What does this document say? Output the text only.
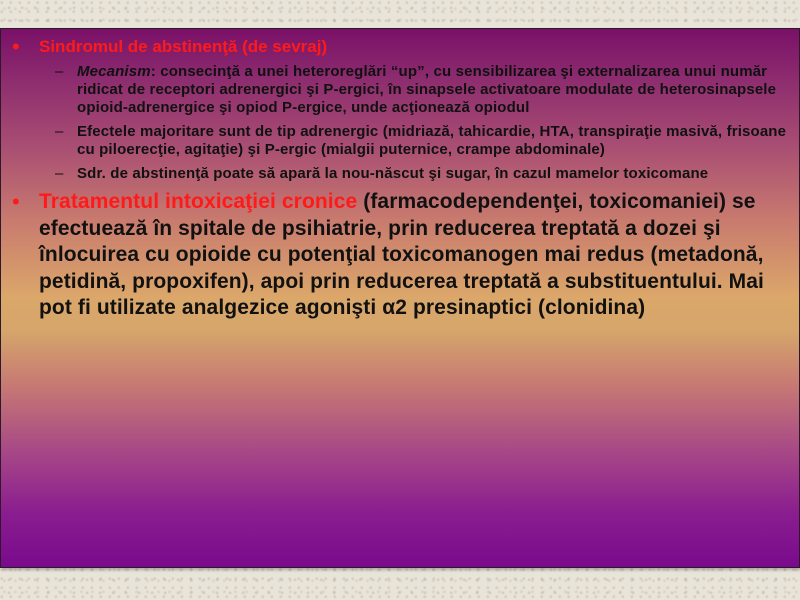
•	Sindromul de abstinenţă (de sevraj)
– Mecanism: consecinţă a unei heteroreglări “up”, cu sensibilizarea şi externalizarea unui număr ridicat de receptori adrenergici şi P-ergici, în sinapsele activatoare modulate de heterosinapsele opioid-adrenergice şi opiod P-ergice, unde acţionează opiodul
– Efectele majoritare sunt de tip adrenergic (midriază, tahicardie, HTA, transpiraţie masivă, frisoane cu piloerecţie, agitaţie) şi P-ergic (mialgii puternice, crampe abdominale)
– Sdr. de abstinenţă poate să apară la nou-născut şi sugar, în cazul mamelor toxicomane
• Tratamentul intoxicaţiei cronice (farmacodependenţei, toxicomaniei) se efectuează în spitale de psihiatrie, prin reducerea treptată a dozei şi înlocuirea cu opioide cu potenţial toxicomanogen mai redus (metadonă, petidină, propoxifen), apoi prin reducerea treptată a substituentului. Mai pot fi utilizate analgezice agonişti α2 presinaptici (clonidina)
